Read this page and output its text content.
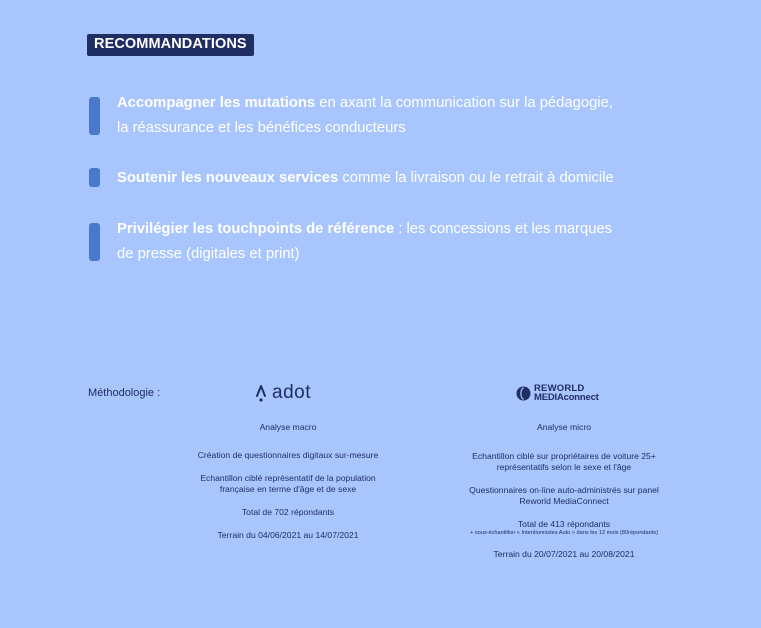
RECOMMANDATIONS
Accompagner les mutations en axant la communication sur la pédagogie,
la réassurance et les bénéfices conducteurs
Soutenir les nouveaux services comme la livraison ou le retrait à domicile
Privilégier les touchpoints de référence : les concessions et les marques
de presse (digitales et print)
Méthodologie :	adot	REWORLD
MEDIAconnect

Analyse macro

Création de questionnaires digitaux sur-mesure

Echantillon ciblé représentatif de la population

française en terme d'âge et de sexe

Total de 702 répondants

Terrain du 04/06/2021 au 14/07/2021

Analyse micro

Echantillon ciblé sur propriétaires de voiture 25+

représentatifs selon le sexe et l'âge

Questionnaires on-line auto-administrés sur panel

Reworld MediaConnect

Total de 413 répondants

+ sous-échantillon « Intentionnistes Auto » dans les 12 mois (80répondants)

Terrain du 20/07/2021 au 20/08/2021
